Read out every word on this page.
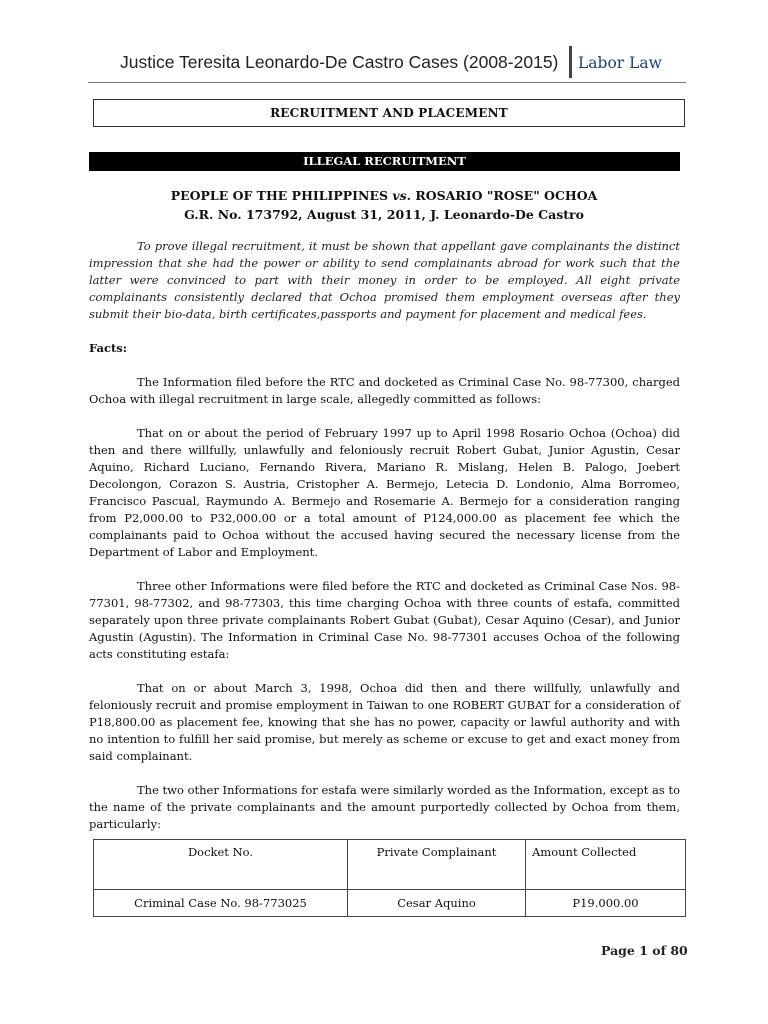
Justice Teresita Leonardo-De Castro Cases (2008-2015) Labor Law
RECRUITMENT AND PLACEMENT
ILLEGAL RECRUITMENT
PEOPLE OF THE PHILIPPINES vs. ROSARIO "ROSE" OCHOA
G.R. No. 173792, August 31, 2011, J. Leonardo-De Castro

To prove illegal recruitment, it must be shown that appellant gave complainants the distinct impression that she had the power or ability to send complainants abroad for work such that the latter were convinced to part with their money in order to be employed. All eight private complainants consistently declared that Ochoa promised them employment overseas after they submit their bio-data, birth certificates,passports and payment for placement and medical fees.

Facts:

The Information filed before the RTC and docketed as Criminal Case No. 98-77300, charged Ochoa with illegal recruitment in large scale, allegedly committed as follows:

That on or about the period of February 1997 up to April 1998 Rosario Ochoa (Ochoa) did then and there willfully, unlawfully and feloniously recruit Robert Gubat, Junior Agustin, Cesar Aquino, Richard Luciano, Fernando Rivera, Mariano R. Mislang, Helen B. Palogo, Joebert Decolongon, Corazon S. Austria, Cristopher A. Bermejo, Letecia D. Londonio, Alma Borromeo, Francisco Pascual, Raymundo A. Bermejo and Rosemarie A. Bermejo for a consideration ranging from P2,000.00 to P32,000.00 or a total amount of P124,000.00 as placement fee which the complainants paid to Ochoa without the accused having secured the necessary license from the Department of Labor and Employment.

Three other Informations were filed before the RTC and docketed as Criminal Case Nos. 98-77301, 98-77302, and 98-77303, this time charging Ochoa with three counts of estafa, committed separately upon three private complainants Robert Gubat (Gubat), Cesar Aquino (Cesar), and Junior Agustin (Agustin). The Information in Criminal Case No. 98-77301 accuses Ochoa of the following acts constituting estafa:

That on or about March 3, 1998, Ochoa did then and there willfully, unlawfully and feloniously recruit and promise employment in Taiwan to one ROBERT GUBAT for a consideration of P18,800.00 as placement fee, knowing that she has no power, capacity or lawful authority and with no intention to fulfill her said promise, but merely as scheme or excuse to get and exact money from said complainant.

The two other Informations for estafa were similarly worded as the Information, except as to the name of the private complainants and the amount purportedly collected by Ochoa from them, particularly:

Docket No.	Private Complainant	Amount Collected
Criminal Case No. 98-773025	Cesar Aquino	P19.000.00
Page 1 of 80
